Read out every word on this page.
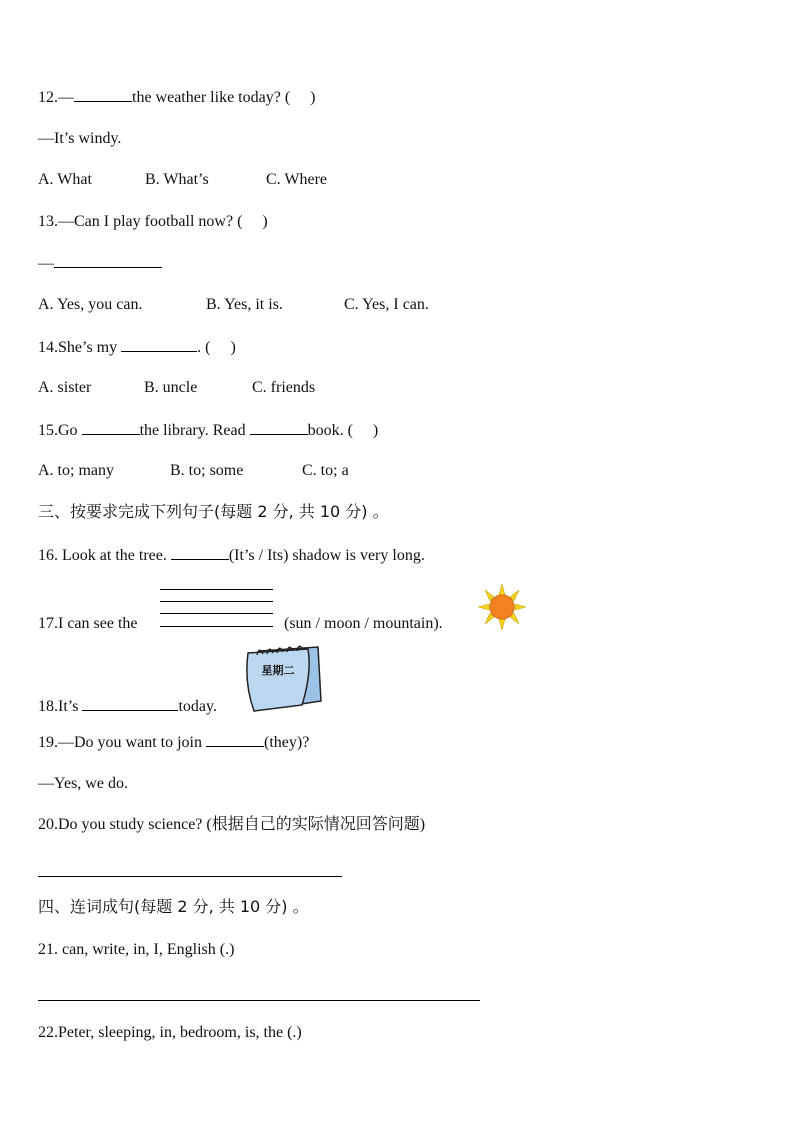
12.—	the weather like today? (　 )
—It’s windy.
A. What	B. What’s	C. Where
13.—Can I play football now? (　 )
—
A. Yes, you can.	B. Yes, it is.	C. Yes, I can.
14.She’s my	. (　 )
A. sister	B. uncle	C. friends
15.Go	the library. Read	book. (　 )
A. to; many	B. to; some	C. to; a
三、按要求完成下列句子(每题 2 分, 共 10 分) 。
16. Look at the tree.	(It’s / Its) shadow is very long.
17.I can see the	(sun / moon / mountain).
星期二
18.It’s	today.
19.—Do you want to join	(they)?
—Yes, we do.
20.Do you study science? (根据自己的实际情况回答问题)
四、连词成句(每题 2 分, 共 10 分) 。
21. can, write, in, I, English (.)
22.Peter, sleeping, in, bedroom, is, the (.)
